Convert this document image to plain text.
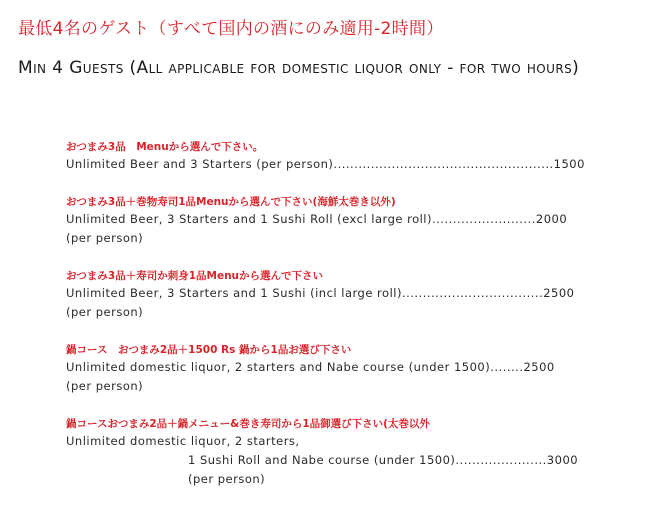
最低4名のゲスト（すべて国内の酒にのみ適用-2時間）
Min 4 Guests (All applicable for domestic liquor only - for two hours)
おつまみ3品　Menuから選んで下さい。
Unlimited Beer and 3 Starters (per person).....................................................1500
おつまみ3品＋巻物寿司1品Menuから選んで下さい(海鮮太巻き以外)
Unlimited Beer, 3 Starters and 1 Sushi Roll (excl large roll).........................2000
(per person)
おつまみ3品＋寿司か刺身1品Menuから選んで下さい
Unlimited Beer, 3 Starters and 1 Sushi (incl large roll)..................................2500
(per person)
鍋コース　おつまみ2品＋1500 Rs 鍋から1品お選び下さい
Unlimited domestic liquor, 2 starters and Nabe course (under 1500)........2500
(per person)
鍋コースおつまみ2品＋鍋メニュー&巻き寿司から1品御選び下さい(太巻以外
Unlimited domestic liquor, 2 starters,
1 Sushi Roll and Nabe course (under 1500)......................3000
(per person)
